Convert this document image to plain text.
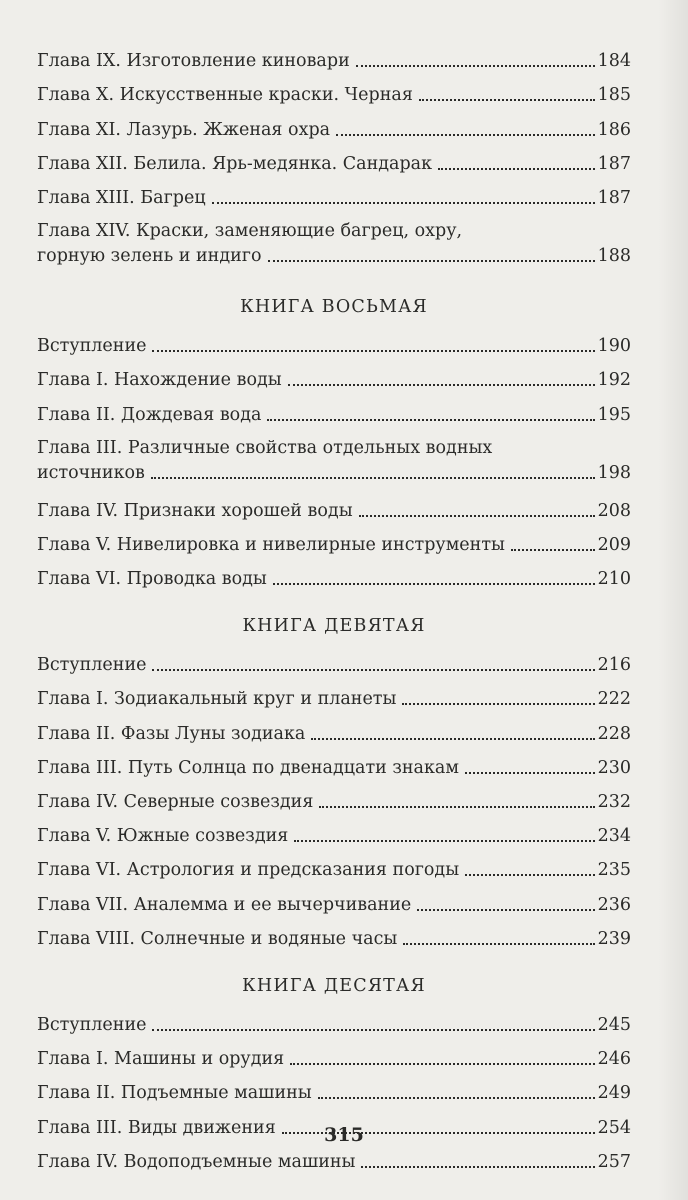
Глава IX. Изготовление киновари	184
Глава X. Искусственные краски. Черная	185
Глава XI. Лазурь. Жженая охра	186
Глава XII. Белила. Ярь-медянка. Сандарак	187
Глава XIII. Багрец	187
Глава XIV. Краски, заменяющие багрец, охру,
горную зелень и индиго	188
КНИГА ВОСЬМАЯ
Вступление	190
Глава I. Нахождение воды	192
Глава II. Дождевая вода	195
Глава III. Различные свойства отдельных водных
источников	198
Глава IV. Признаки хорошей воды	208
Глава V. Нивелировка и нивелирные инструменты	209
Глава VI. Проводка воды	210
КНИГА ДЕВЯТАЯ
Вступление	216
Глава I. Зодиакальный круг и планеты	222
Глава II. Фазы Луны зодиака	228
Глава III. Путь Солнца по двенадцати знакам	230
Глава IV. Северные созвездия	232
Глава V. Южные созвездия	234
Глава VI. Астрология и предсказания погоды	235
Глава VII. Аналемма и ее вычерчивание	236
Глава VIII. Солнечные и водяные часы	239
КНИГА ДЕСЯТАЯ
Вступление	245
Глава I. Машины и орудия	246
Глава II. Подъемные машины	249
Глава III. Виды движения	254
Глава IV. Водоподъемные машины	257
315
